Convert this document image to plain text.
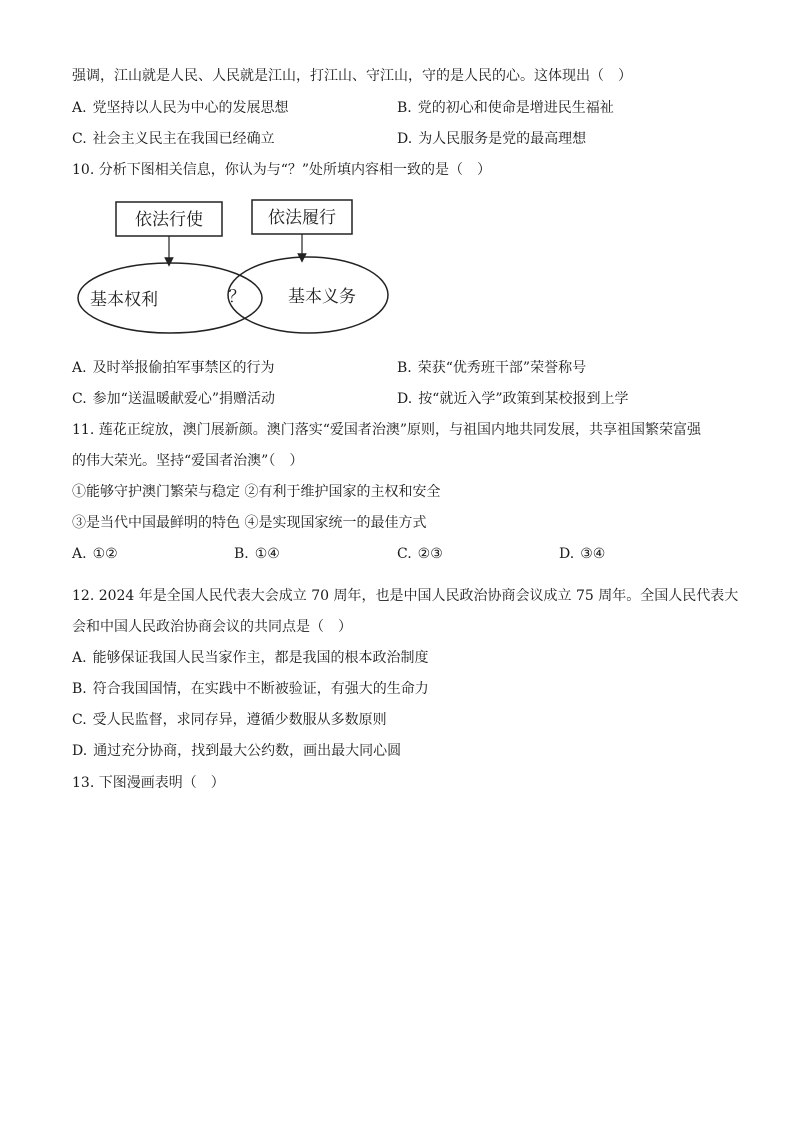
强调，江山就是人民、人民就是江山，打江山、守江山，守的是人民的心。这体现出（　）
A. 党坚持以人民为中心的发展思想	B. 党的初心和使命是增进民生福祉
C. 社会主义民主在我国已经确立	D. 为人民服务是党的最高理想
10. 分析下图相关信息，你认为与“？”处所填内容相一致的是（　）
依法行使	依法履行
基本权利	？	基本义务
A. 及时举报偷拍军事禁区的行为	B. 荣获“优秀班干部”荣誉称号
C. 参加“送温暖献爱心”捐赠活动	D. 按“就近入学”政策到某校报到上学
11. 莲花正绽放，澳门展新颜。澳门落实“爱国者治澳”原则，与祖国内地共同发展，共享祖国繁荣富强
的伟大荣光。坚持“爱国者治澳”（　）
①能够守护澳门繁荣与稳定 ②有利于维护国家的主权和安全
③是当代中国最鲜明的特色 ④是实现国家统一的最佳方式
A. ①②	B. ①④	C. ②③	D. ③④
12. 2024 年是全国人民代表大会成立 70 周年，也是中国人民政治协商会议成立 75 周年。全国人民代表大
会和中国人民政治协商会议的共同点是（　）
A. 能够保证我国人民当家作主，都是我国的根本政治制度
B. 符合我国国情，在实践中不断被验证，有强大的生命力
C. 受人民监督，求同存异，遵循少数服从多数原则
D. 通过充分协商，找到最大公约数，画出最大同心圆
13. 下图漫画表明（　）
